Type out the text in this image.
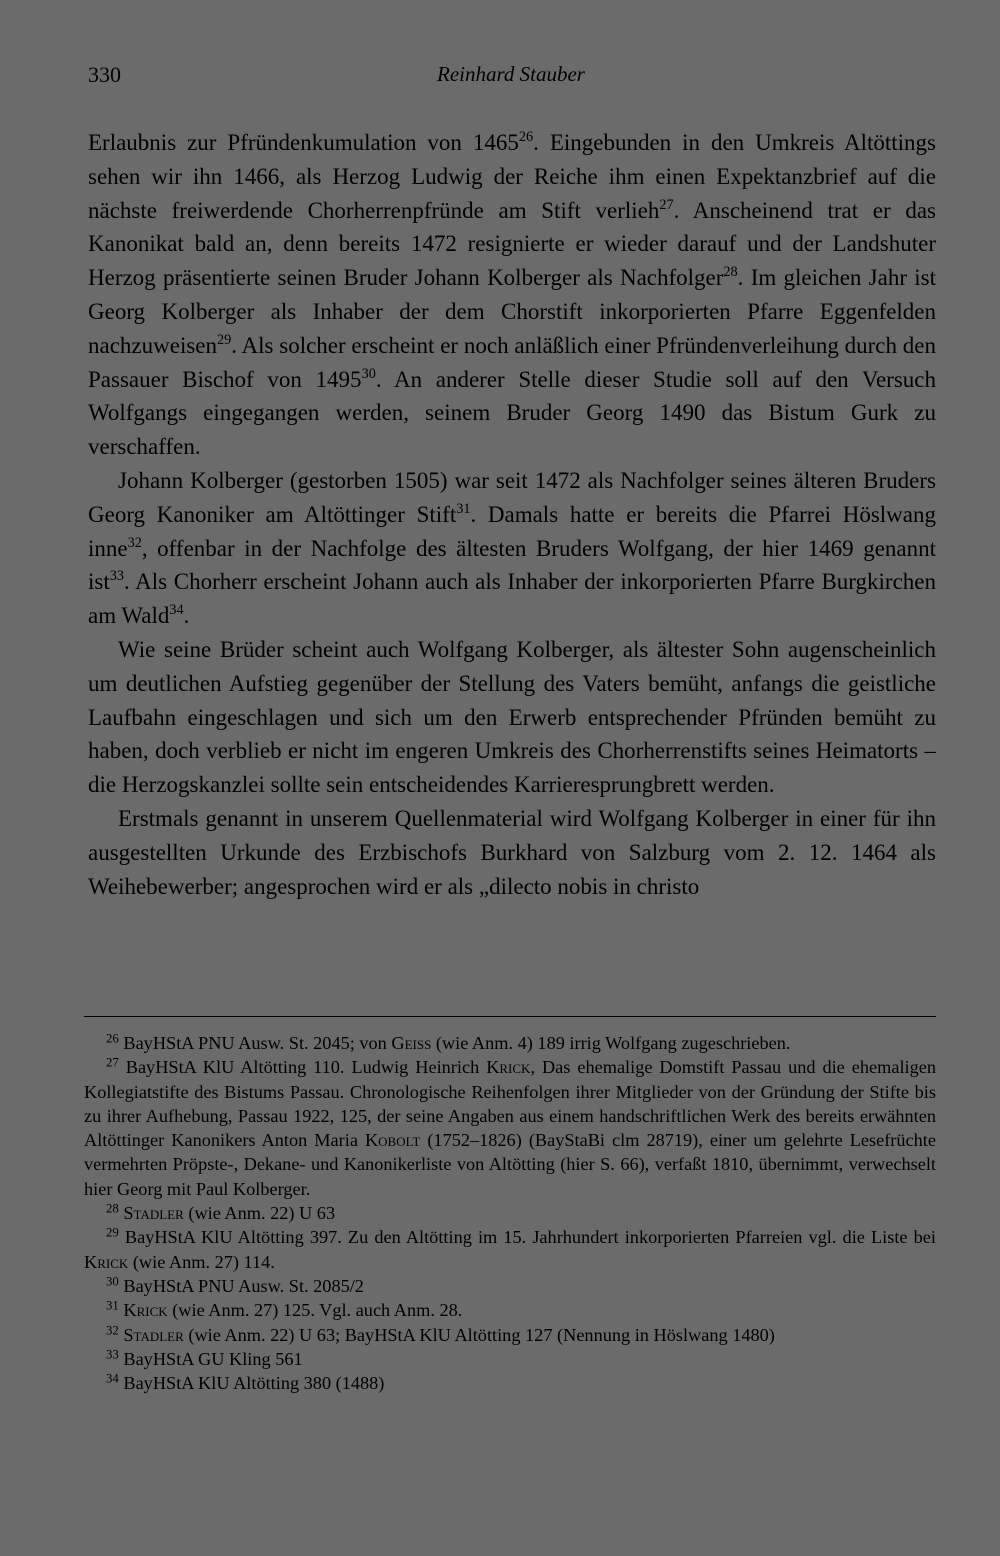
330	Reinhard Stauber

Erlaubnis zur Pfründenkumulation von 1465$^{26}$. Eingebunden in den Umkreis Altöttings sehen wir ihn 1466, als Herzog Ludwig der Reiche ihm einen Expektanzbrief auf die nächste freiwerdende Chorherrenpfründe am Stift verlieh$^{27}$. Anscheinend trat er das Kanonikat bald an, denn bereits 1472 resignierte er wieder darauf und der Landshuter Herzog präsentierte seinen Bruder Johann Kolberger als Nachfolger$^{28}$. Im gleichen Jahr ist Georg Kolberger als Inhaber der dem Chorstift inkorporierten Pfarre Eggenfelden nachzuweisen$^{29}$. Als solcher erscheint er noch anläßlich einer Pfründenverleihung durch den Passauer Bischof von 1495$^{30}$. An anderer Stelle dieser Studie soll auf den Versuch Wolfgangs eingegangen werden, seinem Bruder Georg 1490 das Bistum Gurk zu verschaffen.

Johann Kolberger (gestorben 1505) war seit 1472 als Nachfolger seines älteren Bruders Georg Kanoniker am Altöttinger Stift$^{31}$. Damals hatte er bereits die Pfarrei Höslwang inne$^{32}$, offenbar in der Nachfolge des ältesten Bruders Wolfgang, der hier 1469 genannt ist$^{33}$. Als Chorherr erscheint Johann auch als Inhaber der inkorporierten Pfarre Burgkirchen am Wald$^{34}$.

Wie seine Brüder scheint auch Wolfgang Kolberger, als ältester Sohn augenscheinlich um deutlichen Aufstieg gegenüber der Stellung des Vaters bemüht, anfangs die geistliche Laufbahn eingeschlagen und sich um den Erwerb entsprechender Pfründen bemüht zu haben, doch verblieb er nicht im engeren Umkreis des Chorherrenstifts seines Heimatorts – die Herzogskanzlei sollte sein entscheidendes Karrieresprungbrett werden.

Erstmals genannt in unserem Quellenmaterial wird Wolfgang Kolberger in einer für ihn ausgestellten Urkunde des Erzbischofs Burkhard von Salzburg vom 2. 12. 1464 als Weihebewerber; angesprochen wird er als „dilecto nobis in christo

$^{26}$ BayHStA PNU Ausw. St. 2045; von Geiss (wie Anm. 4) 189 irrig Wolfgang zugeschrieben.

$^{27}$ BayHStA KlU Altötting 110. Ludwig Heinrich Krick, Das ehemalige Domstift Passau und die ehemaligen Kollegiatstifte des Bistums Passau. Chronologische Reihenfolgen ihrer Mitglieder von der Gründung der Stifte bis zu ihrer Aufhebung, Passau 1922, 125, der seine Angaben aus einem handschriftlichen Werk des bereits erwähnten Altöttinger Kanonikers Anton Maria Kobolt (1752–1826) (BayStaBi clm 28719), einer um gelehrte Lesefrüchte vermehrten Pröpste-, Dekane- und Kanonikerliste von Altötting (hier S. 66), verfaßt 1810, übernimmt, verwechselt hier Georg mit Paul Kolberger.

$^{28}$ Stadler (wie Anm. 22) U 63

$^{29}$ BayHStA KlU Altötting 397. Zu den Altötting im 15. Jahrhundert inkorporierten Pfarreien vgl. die Liste bei Krick (wie Anm. 27) 114.

$^{30}$ BayHStA PNU Ausw. St. 2085/2

$^{31}$ Krick (wie Anm. 27) 125. Vgl. auch Anm. 28.

$^{32}$ Stadler (wie Anm. 22) U 63; BayHStA KlU Altötting 127 (Nennung in Höslwang 1480)

$^{33}$ BayHStA GU Kling 561

$^{34}$ BayHStA KlU Altötting 380 (1488)
